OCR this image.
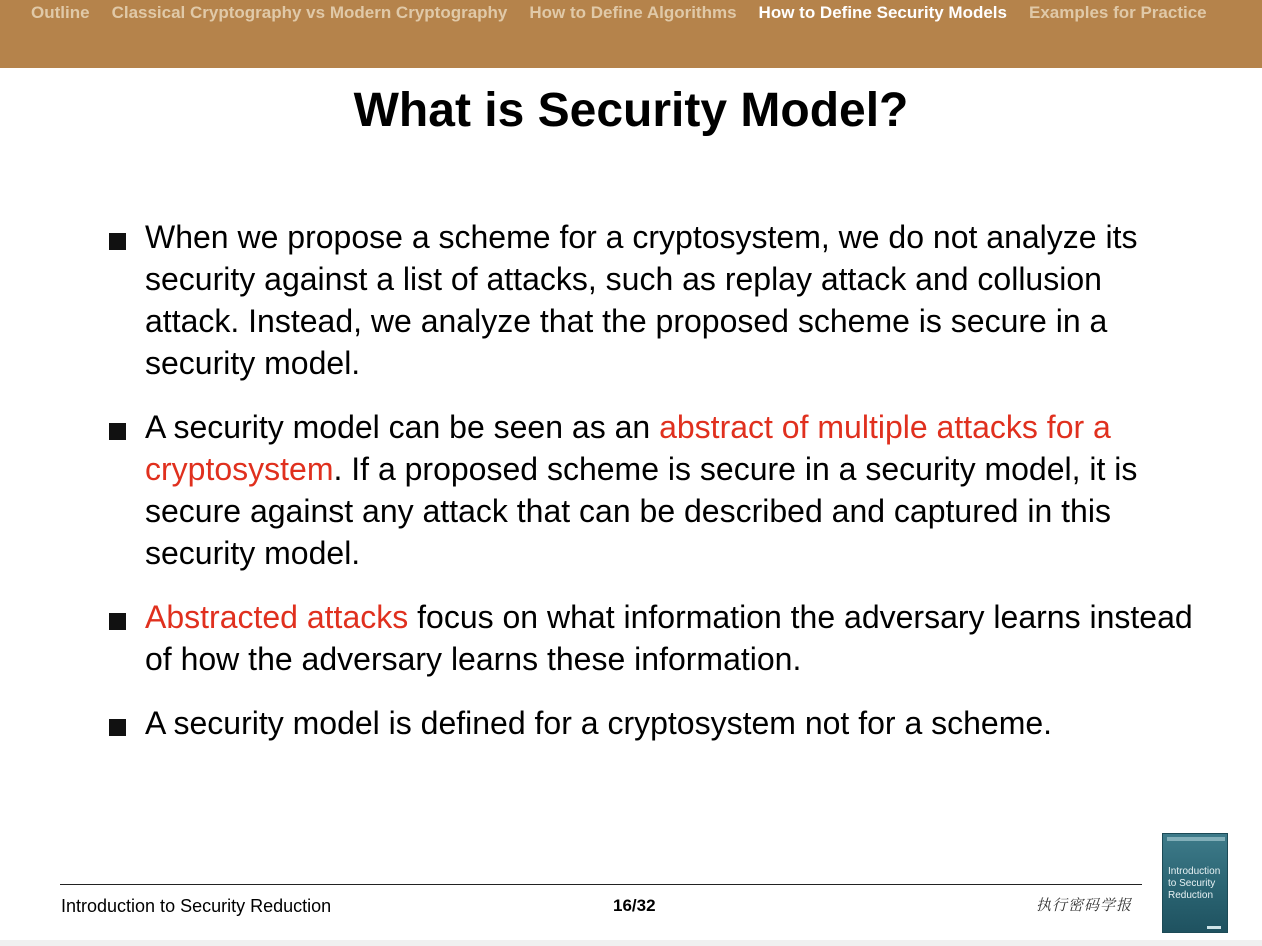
Outline Classical Cryptography vs Modern Cryptography How to Define Algorithms How to Define Security Models Examples for Practice
What is Security Model?
When we propose a scheme for a cryptosystem, we do not analyze its security against a list of attacks, such as replay attack and collusion attack. Instead, we analyze that the proposed scheme is secure in a security model.
A security model can be seen as an abstract of multiple attacks for a cryptosystem. If a proposed scheme is secure in a security model, it is secure against any attack that can be described and captured in this security model.
Abstracted attacks focus on what information the adversary learns instead of how the adversary learns these information.
A security model is defined for a cryptosystem not for a scheme.
Introduction to Security Reduction	16/32	执行密码学报
Introduction to Security Reduction
